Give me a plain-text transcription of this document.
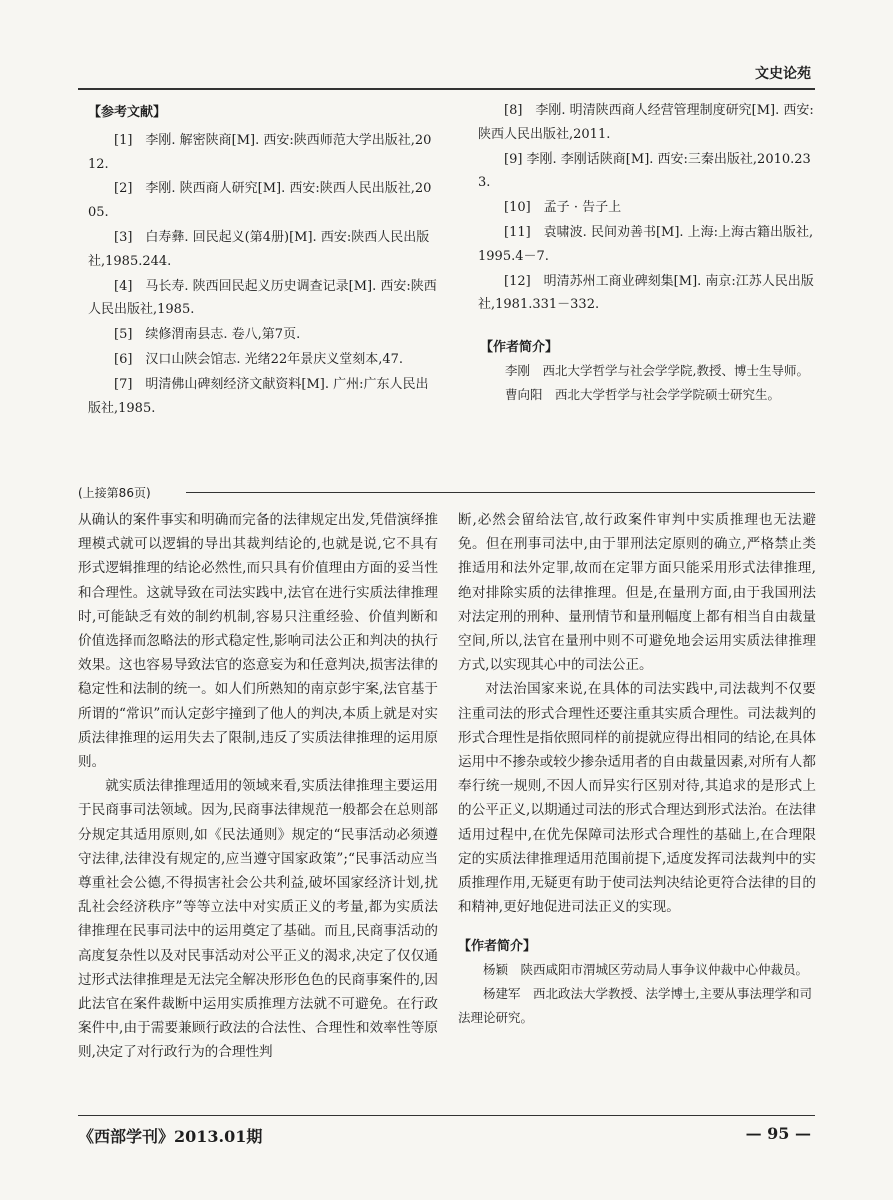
文史论苑
【参考文献】

[1]　李刚. 解密陕商[M]. 西安:陕西师范大学出版社,2012.

[2]　李刚. 陕西商人研究[M]. 西安:陕西人民出版社,2005.

[3]　白寿彝. 回民起义(第4册)[M]. 西安:陕西人民出版社,1985.244.

[4]　马长寿. 陕西回民起义历史调查记录[M]. 西安:陕西人民出版社,1985.

[5]　续修渭南县志. 卷八,第7页.

[6]　汉口山陕会馆志. 光绪22年景庆义堂刻本,47.

[7]　明清佛山碑刻经济文献资料[M]. 广州:广东人民出版社,1985.

[8]　李刚. 明清陕西商人经营管理制度研究[M]. 西安:陕西人民出版社,2011.

[9] 李刚. 李刚话陕商[M]. 西安:三秦出版社,2010.233.

[10]　孟子 · 告子上

[11]　袁啸波. 民间劝善书[M]. 上海:上海古籍出版社,1995.4－7.

[12]　明清苏州工商业碑刻集[M]. 南京:江苏人民出版社,1981.331－332.

【作者简介】

李刚　西北大学哲学与社会学学院,教授、博士生导师。

曹向阳　西北大学哲学与社会学学院硕士研究生。

(上接第86页)

从确认的案件事实和明确而完备的法律规定出发,凭借演绎推理模式就可以逻辑的导出其裁判结论的,也就是说,它不具有形式逻辑推理的结论必然性,而只具有价值理由方面的妥当性和合理性。这就导致在司法实践中,法官在进行实质法律推理时,可能缺乏有效的制约机制,容易只注重经验、价值判断和价值选择而忽略法的形式稳定性,影响司法公正和判决的执行效果。这也容易导致法官的恣意妄为和任意判决,损害法律的稳定性和法制的统一。如人们所熟知的南京彭宇案,法官基于所谓的“常识”而认定彭宇撞到了他人的判决,本质上就是对实质法律推理的运用失去了限制,违反了实质法律推理的运用原则。

就实质法律推理适用的领域来看,实质法律推理主要运用于民商事司法领域。因为,民商事法律规范一般都会在总则部分规定其适用原则,如《民法通则》规定的“民事活动必须遵守法律,法律没有规定的,应当遵守国家政策”;“民事活动应当尊重社会公德,不得损害社会公共利益,破坏国家经济计划,扰乱社会经济秩序”等等立法中对实质正义的考量,都为实质法律推理在民事司法中的运用奠定了基础。而且,民商事活动的高度复杂性以及对民事活动对公平正义的渴求,决定了仅仅通过形式法律推理是无法完全解决形形色色的民商事案件的,因此法官在案件裁断中运用实质推理方法就不可避免。在行政案件中,由于需要兼顾行政法的合法性、合理性和效率性等原则,决定了对行政行为的合理性判

断,必然会留给法官,故行政案件审判中实质推理也无法避免。但在刑事司法中,由于罪刑法定原则的确立,严格禁止类推适用和法外定罪,故而在定罪方面只能采用形式法律推理,绝对排除实质的法律推理。但是,在量刑方面,由于我国刑法对法定刑的刑种、量刑情节和量刑幅度上都有相当自由裁量空间,所以,法官在量刑中则不可避免地会运用实质法律推理方式,以实现其心中的司法公正。

对法治国家来说,在具体的司法实践中,司法裁判不仅要注重司法的形式合理性还要注重其实质合理性。司法裁判的形式合理性是指依照同样的前提就应得出相同的结论,在具体运用中不掺杂或较少掺杂适用者的自由裁量因素,对所有人都奉行统一规则,不因人而异实行区别对待,其追求的是形式上的公平正义,以期通过司法的形式合理达到形式法治。在法律适用过程中,在优先保障司法形式合理性的基础上,在合理限定的实质法律推理适用范围前提下,适度发挥司法裁判中的实质推理作用,无疑更有助于使司法判决结论更符合法律的目的和精神,更好地促进司法正义的实现。

【作者简介】

杨颖　陕西咸阳市渭城区劳动局人事争议仲裁中心仲裁员。

杨建军　西北政法大学教授、法学博士,主要从事法理学和司法理论研究。

《西部学刊》2013.01期	— 95 —
